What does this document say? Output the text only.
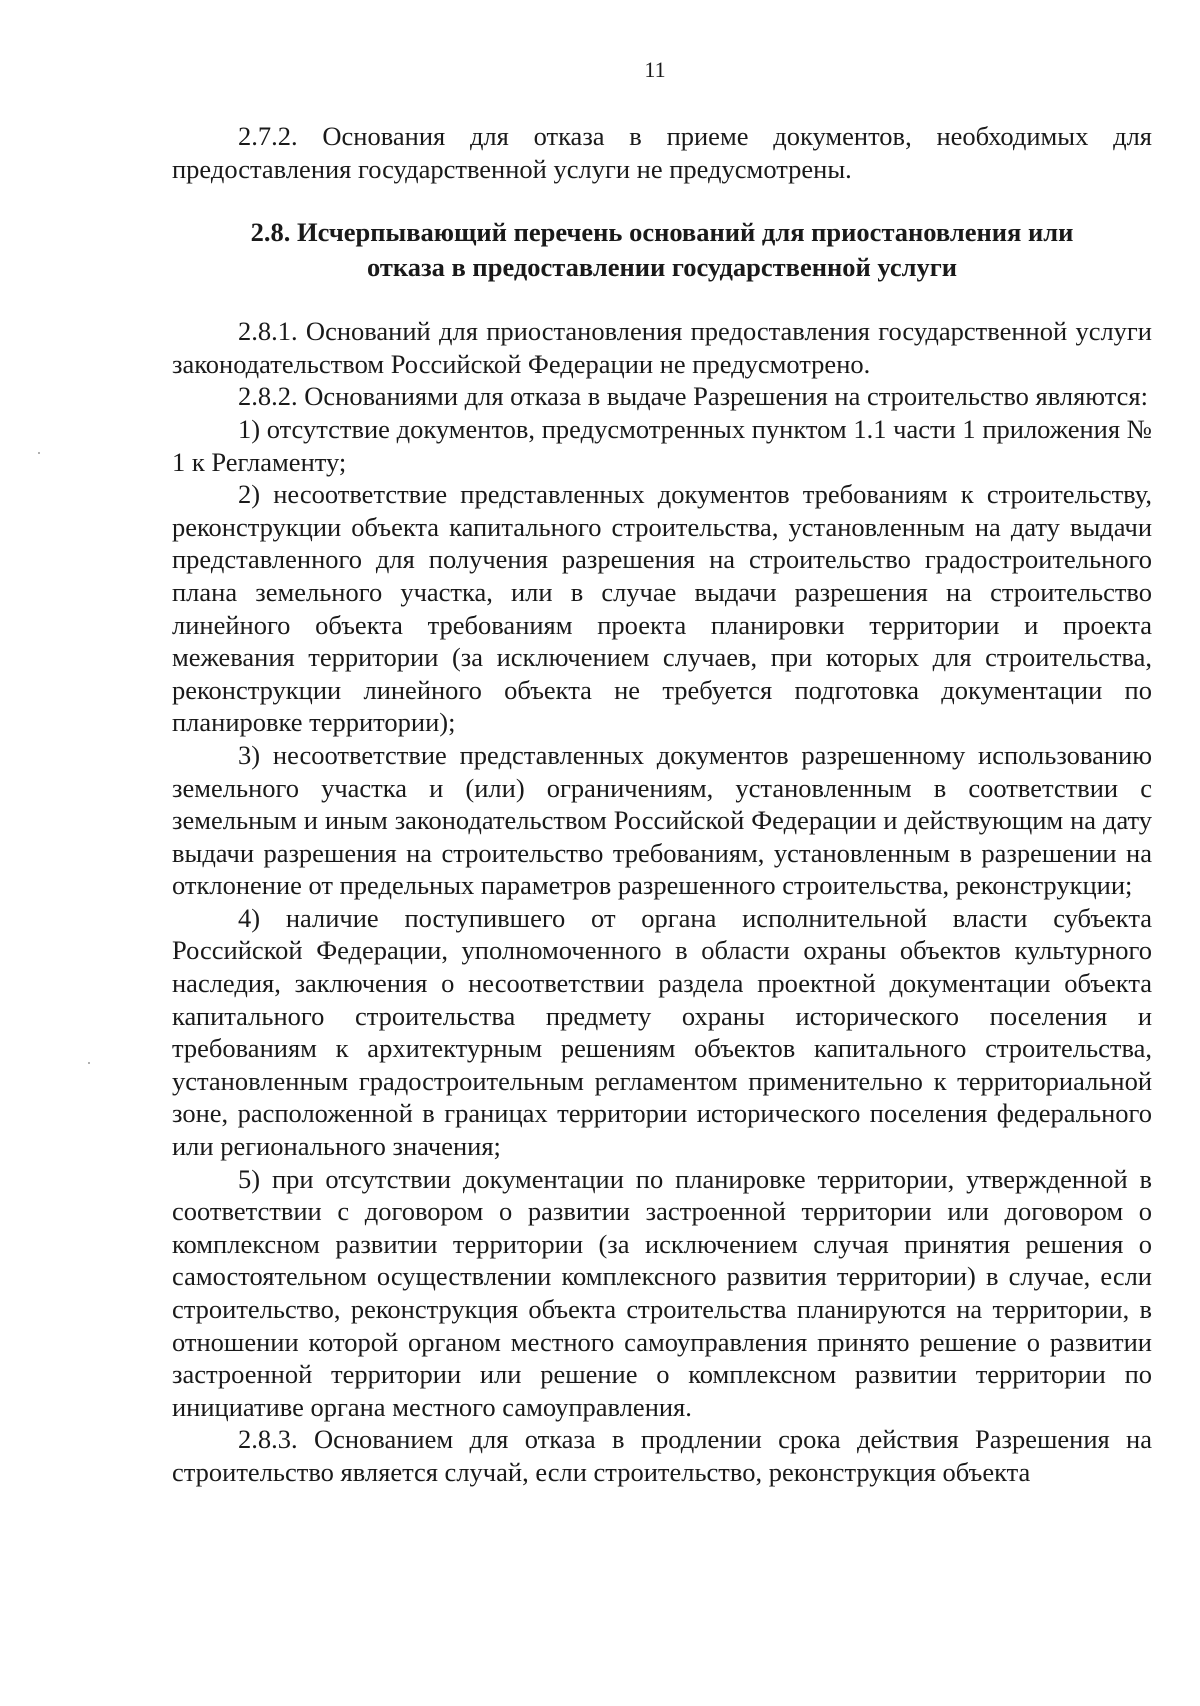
11

2.7.2. Основания для отказа в приеме документов, необходимых для предоставления государственной услуги не предусмотрены.

2.8. Исчерпывающий перечень оснований для приостановления или
отказа в предоставлении государственной услуги

2.8.1. Оснований для приостановления предоставления государственной услуги законодательством Российской Федерации не предусмотрено.

2.8.2. Основаниями для отказа в выдаче Разрешения на строительство являются:

1) отсутствие документов, предусмотренных пунктом 1.1 части 1 приложения № 1 к Регламенту;

2) несоответствие представленных документов требованиям к строительству, реконструкции объекта капитального строительства, установленным на дату выдачи представленного для получения разрешения на строительство градостроительного плана земельного участка, или в случае выдачи разрешения на строительство линейного объекта требованиям проекта планировки территории и проекта межевания территории (за исключением случаев, при которых для строительства, реконструкции линейного объекта не требуется подготовка документации по планировке территории);

3) несоответствие представленных документов разрешенному использованию земельного участка и (или) ограничениям, установленным в соответствии с земельным и иным законодательством Российской Федерации и действующим на дату выдачи разрешения на строительство требованиям, установленным в разрешении на отклонение от предельных параметров разрешенного строительства, реконструкции;

4) наличие поступившего от органа исполнительной власти субъекта Российской Федерации, уполномоченного в области охраны объектов культурного наследия, заключения о несоответствии раздела проектной документации объекта капитального строительства предмету охраны исторического поселения и требованиям к архитектурным решениям объектов капитального строительства, установленным градостроительным регламентом применительно к территориальной зоне, расположенной в границах территории исторического поселения федерального или регионального значения;

5) при отсутствии документации по планировке территории, утвержденной в соответствии с договором о развитии застроенной территории или договором о комплексном развитии территории (за исключением случая принятия решения о самостоятельном осуществлении комплексного развития территории) в случае, если строительство, реконструкция объекта строительства планируются на территории, в отношении которой органом местного самоуправления принято решение о развитии застроенной территории или решение о комплексном развитии территории по инициативе органа местного самоуправления.

2.8.3. Основанием для отказа в продлении срока действия Разрешения на строительство является случай, если строительство, реконструкция объекта
